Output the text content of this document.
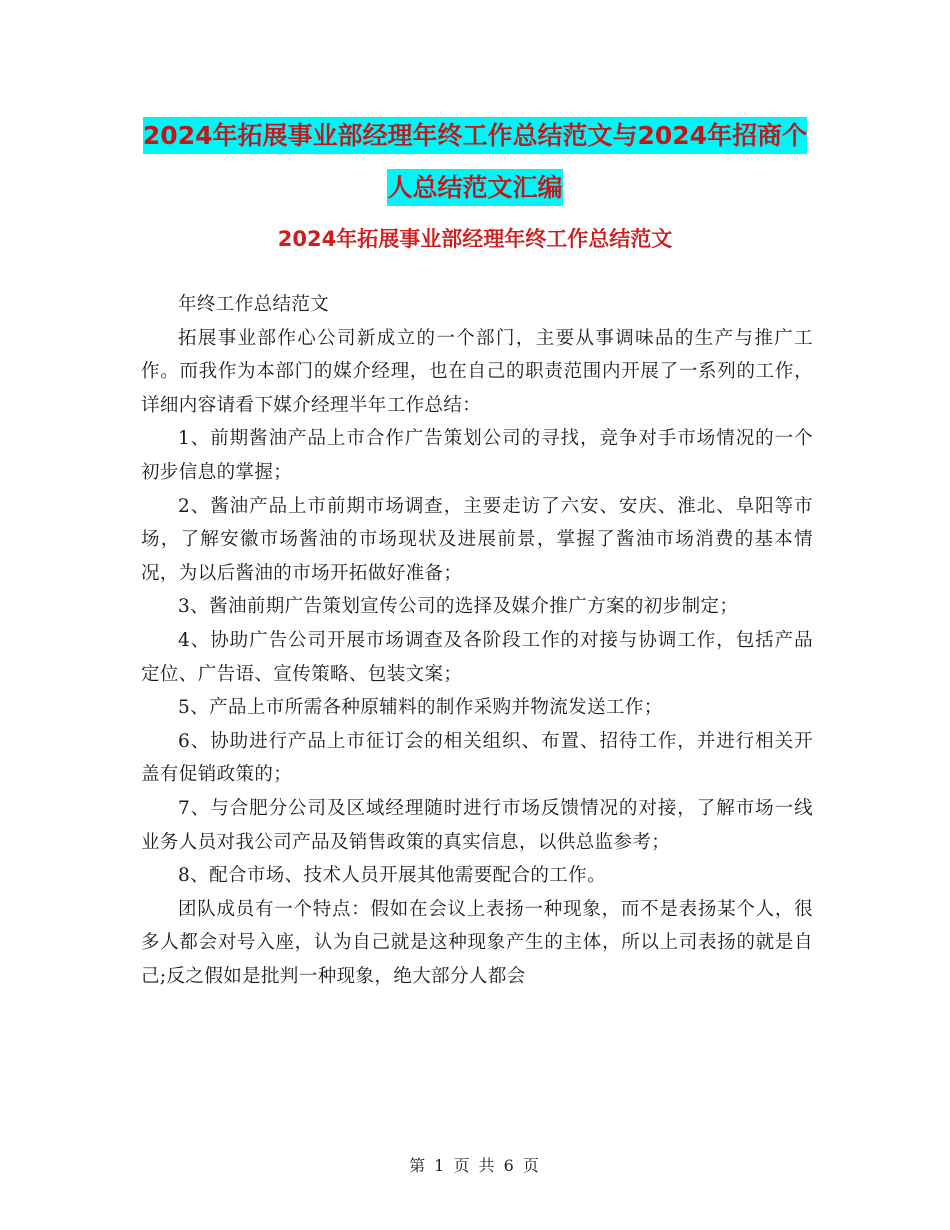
2024年拓展事业部经理年终工作总结范文与2024年招商个人总结范文汇编
2024年拓展事业部经理年终工作总结范文

年终工作总结范文

拓展事业部作心公司新成立的一个部门，主要从事调味品的生产与推广工作。而我作为本部门的媒介经理，也在自己的职责范围内开展了一系列的工作，详细内容请看下媒介经理半年工作总结：

1、前期酱油产品上市合作广告策划公司的寻找，竞争对手市场情况的一个初步信息的掌握；

2、酱油产品上市前期市场调查，主要走访了六安、安庆、淮北、阜阳等市场，了解安徽市场酱油的市场现状及进展前景，掌握了酱油市场消费的基本情况，为以后酱油的市场开拓做好准备；

3、酱油前期广告策划宣传公司的选择及媒介推广方案的初步制定；

4、协助广告公司开展市场调查及各阶段工作的对接与协调工作，包括产品定位、广告语、宣传策略、包装文案；

5、产品上市所需各种原辅料的制作采购并物流发送工作；

6、协助进行产品上市征订会的相关组织、布置、招待工作，并进行相关开盖有促销政策的；

7、与合肥分公司及区域经理随时进行市场反馈情况的对接，了解市场一线业务人员对我公司产品及销售政策的真实信息，以供总监参考；

8、配合市场、技术人员开展其他需要配合的工作。

团队成员有一个特点：假如在会议上表扬一种现象，而不是表扬某个人，很多人都会对号入座，认为自己就是这种现象产生的主体，所以上司表扬的就是自己;反之假如是批判一种现象，绝大部分人都会

第 1 页 共 6 页
